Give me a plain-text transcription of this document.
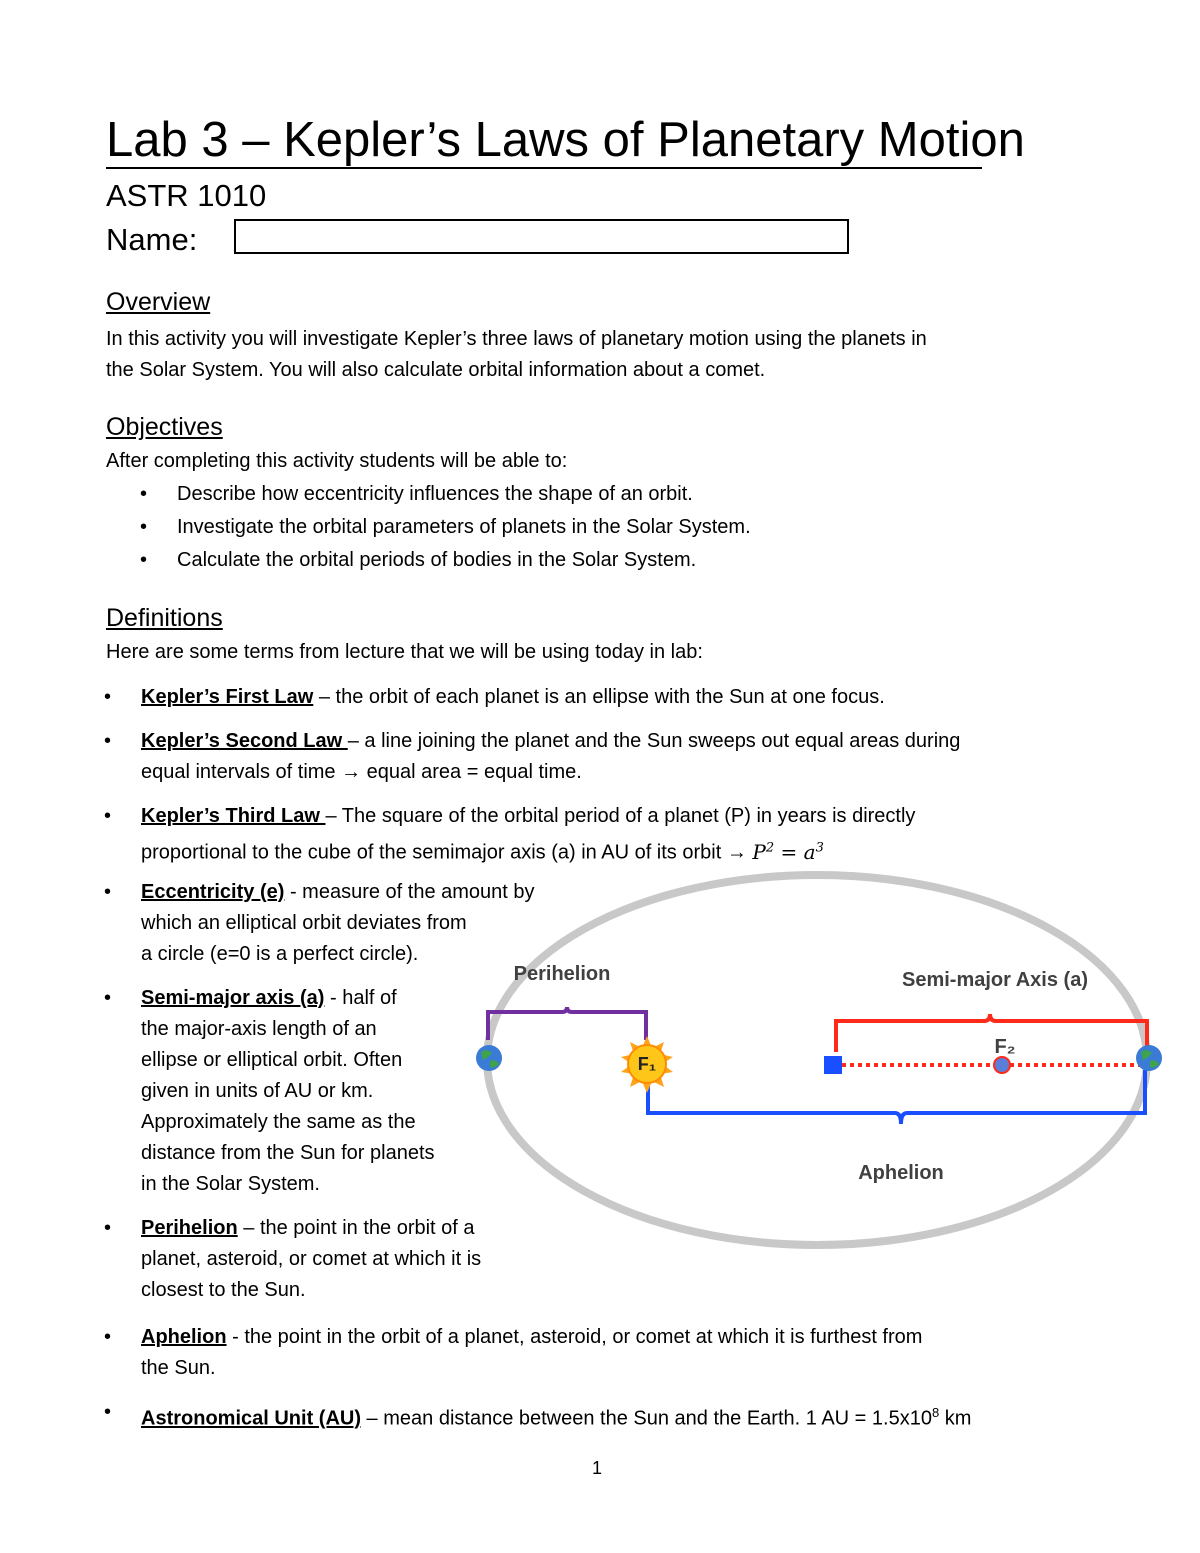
Lab 3 – Kepler’s Laws of Planetary Motion
ASTR 1010
Name:
Overview
In this activity you will investigate Kepler’s three laws of planetary motion using the planets in
the Solar System. You will also calculate orbital information about a comet.
Objectives
After completing this activity students will be able to:
• Describe how eccentricity influences the shape of an orbit.
• Investigate the orbital parameters of planets in the Solar System.
• Calculate the orbital periods of bodies in the Solar System.
Definitions
Here are some terms from lecture that we will be using today in lab:
• Kepler’s First Law – the orbit of each planet is an ellipse with the Sun at one focus.
• Kepler’s Second Law – a line joining the planet and the Sun sweeps out equal areas during
equal intervals of time → equal area = equal time.
• Kepler’s Third Law – The square of the orbital period of a planet (P) in years is directly
proportional to the cube of the semimajor axis (a) in AU of its orbit → $P^2 = a^3$
• Eccentricity (e) - measure of the amount by
which an elliptical orbit deviates from
a circle (e=0 is a perfect circle).
• Semi-major axis (a) - half of
the major-axis length of an
ellipse or elliptical orbit. Often
given in units of AU or km.
Approximately the same as the
distance from the Sun for planets
in the Solar System.
• Perihelion – the point in the orbit of a
planet, asteroid, or comet at which it is
closest to the Sun.
• Aphelion - the point in the orbit of a planet, asteroid, or comet at which it is furthest from
the Sun.
• Astronomical Unit (AU) – mean distance between the Sun and the Earth. 1 AU = $1.5x10^8$ km
Perihelion	Semi-major Axis (a)
Aphelion
F₂
F₁
1
